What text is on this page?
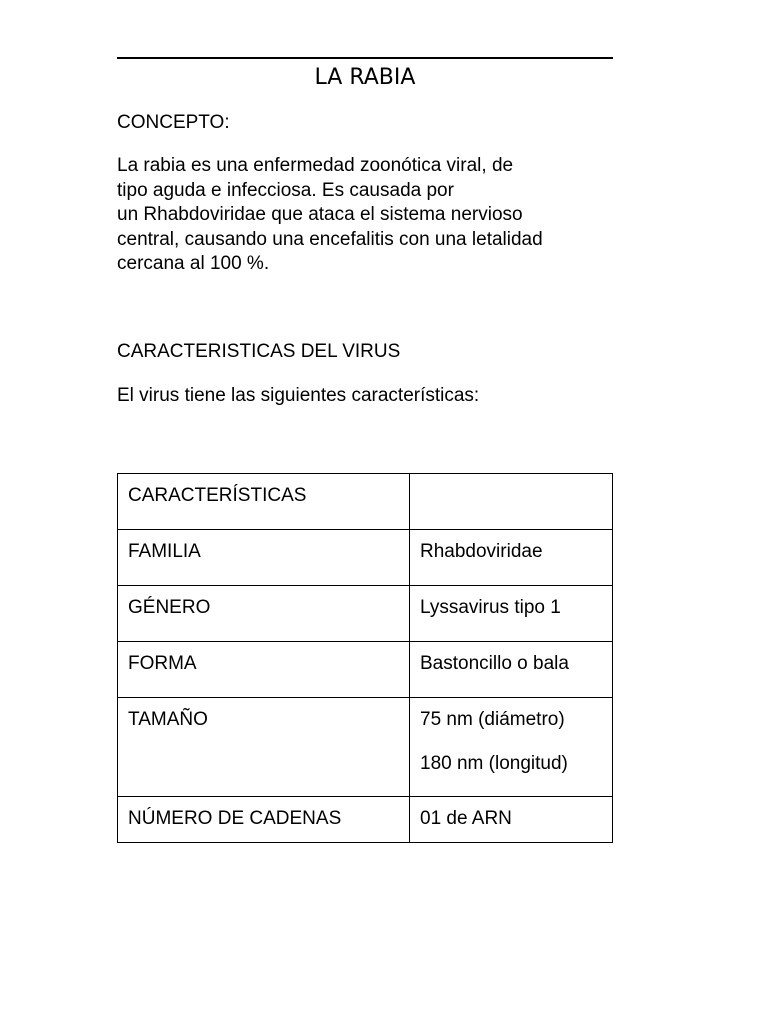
LA RABIA

CONCEPTO:

La rabia es una enfermedad zoonótica viral, de
tipo aguda e infecciosa. Es causada por
un Rhabdoviridae que ataca el sistema nervioso
central, causando una encefalitis con una letalidad
cercana al 100 %.

CARACTERISTICAS DEL VIRUS

El virus tiene las siguientes características:

CARACTERÍSTICAS	

FAMILIA	Rhabdoviridae

GÉNERO	Lyssavirus tipo 1

FORMA	Bastoncillo o bala

TAMAÑO	75 nm (diámetro)
180 nm (longitud)

NÚMERO DE CADENAS	01 de ARN
